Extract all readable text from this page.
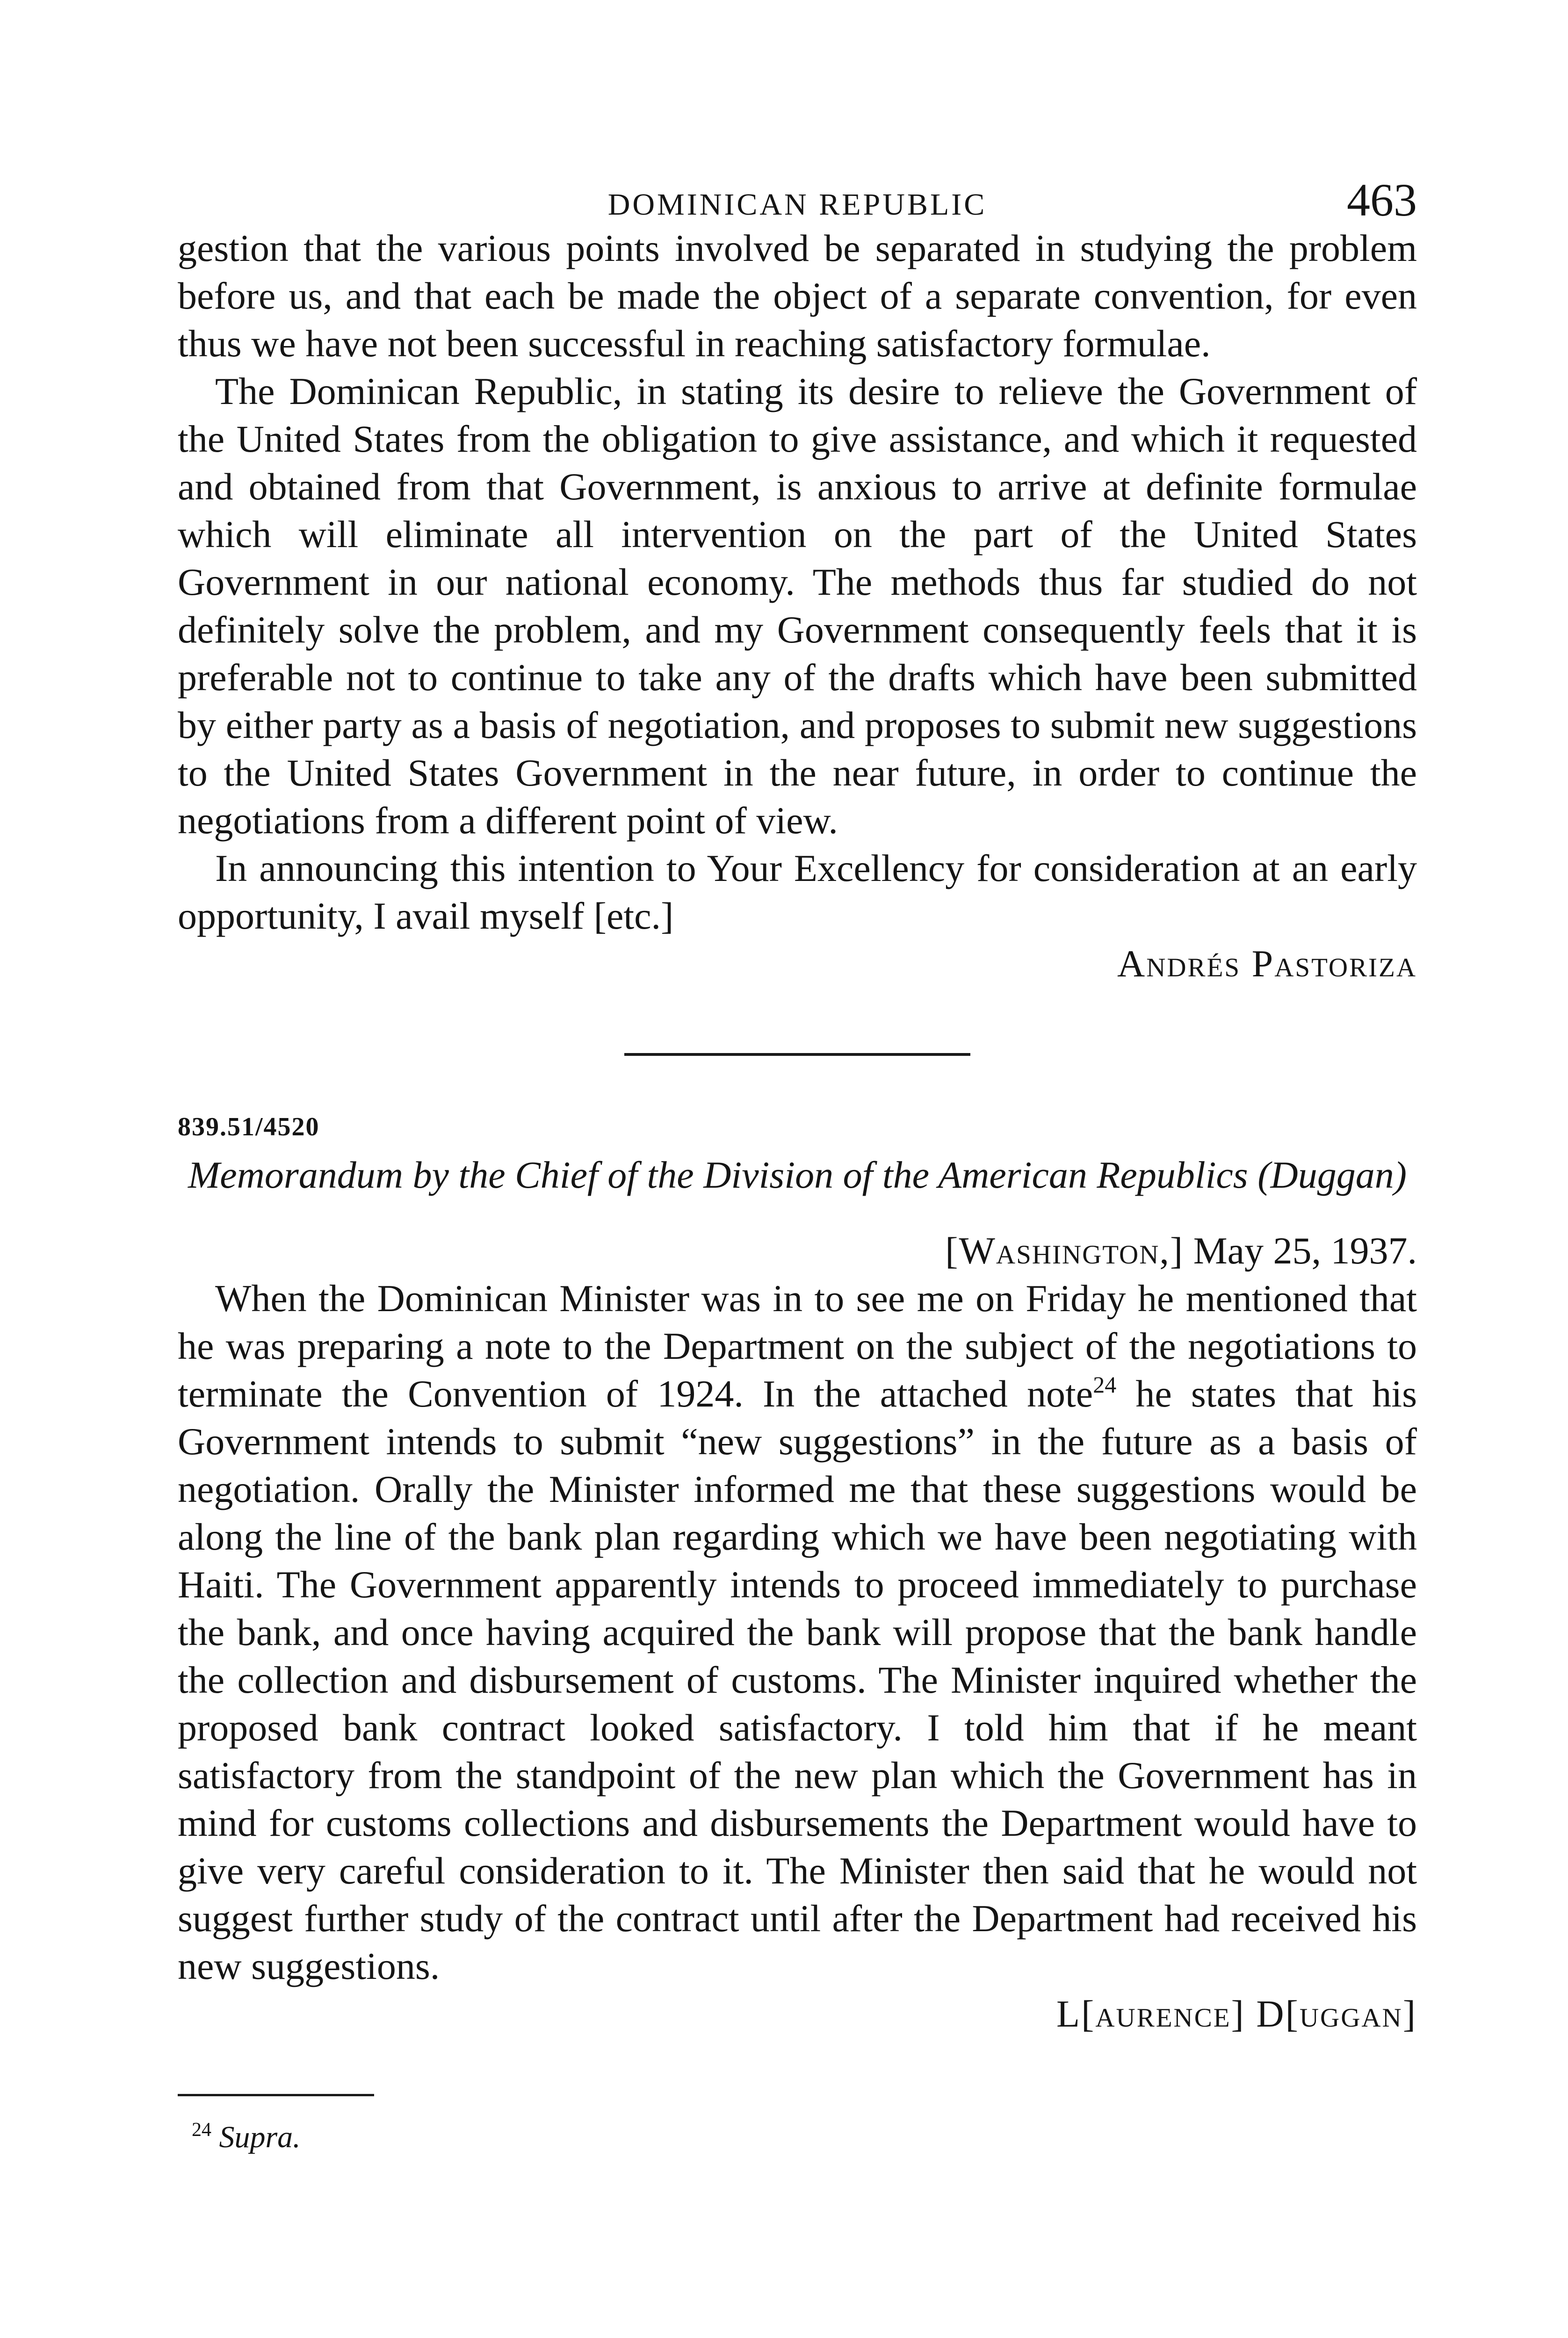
DOMINICAN REPUBLIC	463

gestion that the various points involved be separated in studying the problem before us, and that each be made the object of a separate convention, for even thus we have not been successful in reaching satisfactory formulae.

The Dominican Republic, in stating its desire to relieve the Government of the United States from the obligation to give assistance, and which it requested and obtained from that Government, is anxious to arrive at definite formulae which will eliminate all intervention on the part of the United States Government in our national economy. The methods thus far studied do not definitely solve the problem, and my Government consequently feels that it is preferable not to continue to take any of the drafts which have been submitted by either party as a basis of negotiation, and proposes to submit new suggestions to the United States Government in the near future, in order to continue the negotiations from a different point of view.

In announcing this intention to Your Excellency for consideration at an early opportunity, I avail myself [etc.]

Andrés Pastoriza

839.51/4520

Memorandum by the Chief of the Division of the American Republics (Duggan)

[Washington,] May 25, 1937.

When the Dominican Minister was in to see me on Friday he mentioned that he was preparing a note to the Department on the subject of the negotiations to terminate the Convention of 1924. In the attached note$^{24}$ he states that his Government intends to submit “new suggestions” in the future as a basis of negotiation. Orally the Minister informed me that these suggestions would be along the line of the bank plan regarding which we have been negotiating with Haiti. The Government apparently intends to proceed immediately to purchase the bank, and once having acquired the bank will propose that the bank handle the collection and disbursement of customs. The Minister inquired whether the proposed bank contract looked satisfactory. I told him that if he meant satisfactory from the standpoint of the new plan which the Government has in mind for customs collections and disbursements the Department would have to give very careful consideration to it. The Minister then said that he would not suggest further study of the contract until after the Department had received his new suggestions.

L[aurence] D[uggan]

$^{24}$ Supra.
